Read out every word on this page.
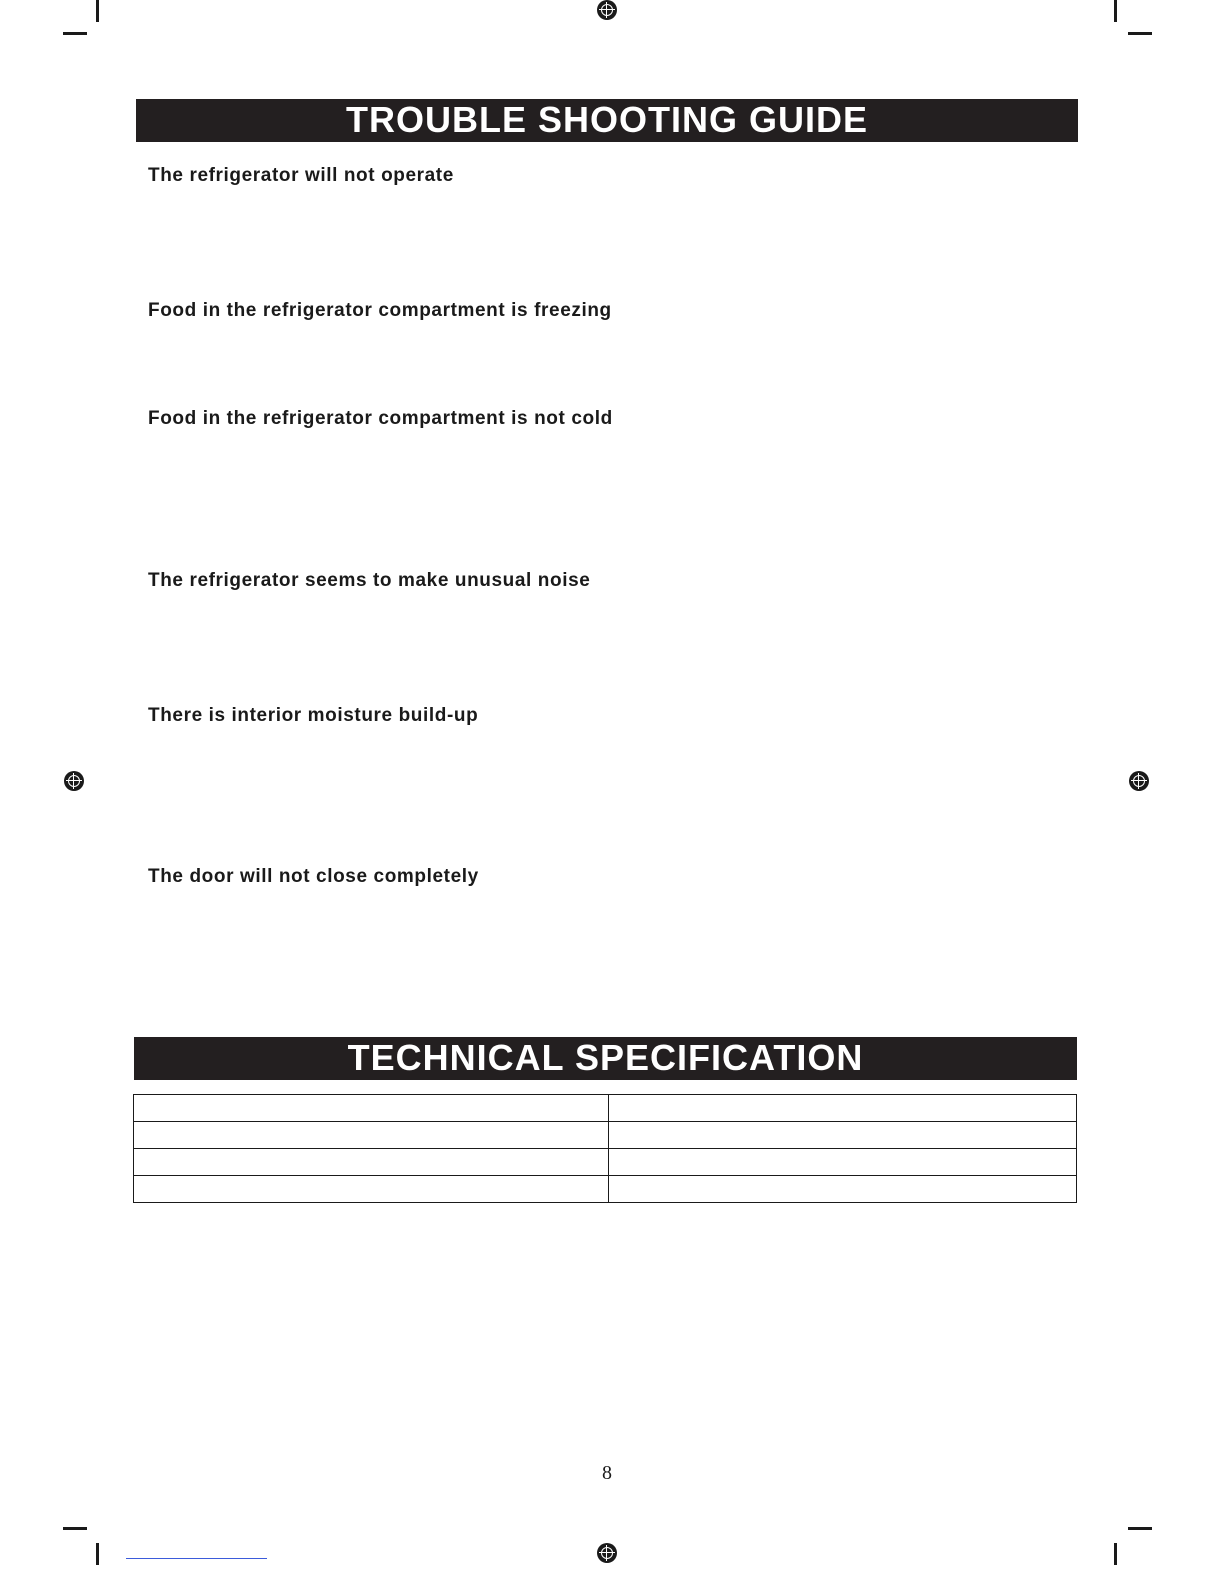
TROUBLE SHOOTING GUIDE
The refrigerator will not operate
Food in the refrigerator compartment is freezing
Food in the refrigerator compartment is not cold
The refrigerator seems to make unusual noise
There is interior moisture build-up
The door will not close completely
TECHNICAL SPECIFICATION

8
